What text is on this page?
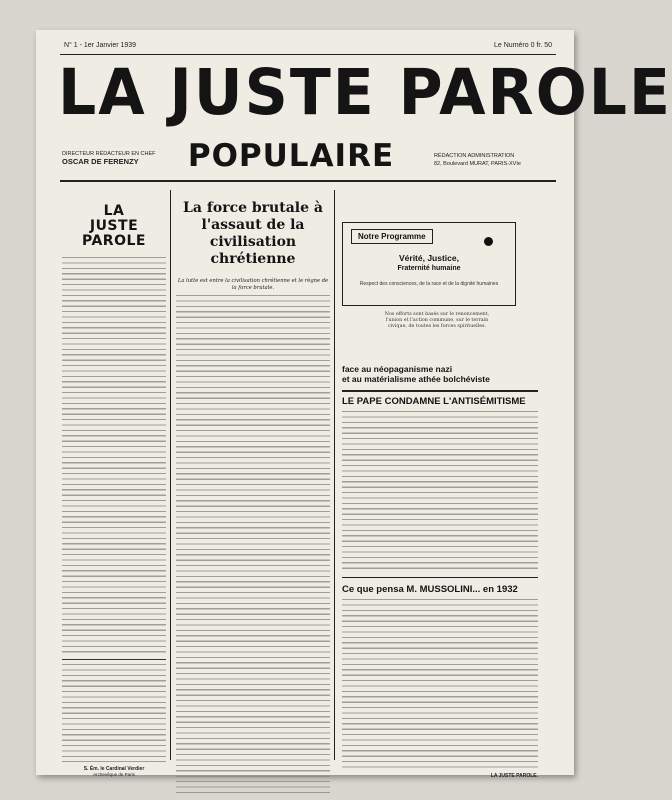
N° 1 - 1er Janvier 1939	Le Numéro 0 fr. 50
LA JUSTE PAROLE
DIRECTEUR RÉDACTEUR EN CHEF
OSCAR DE FERENZY	POPULAIRE	RÉDACTION ADMINISTRATION
82, Boulevard MURAT, PARIS-XVIe
LA
JUSTE
PAROLE
S. Ém. le Cardinal Verdier
Archevêque de Paris
La force brutale à l'assaut de la civilisation chrétienne
La lutte est entre la civilisation chrétienne et le règne de la force brutale.
Notre Programme
Vérité, Justice,
Fraternité humaine
Respect des consciences, de la race et de la dignité humaines

Nos efforts sont basés sur le renoncement, l'union et l'action commune, sur le terrain civique, de toutes les forces spirituelles.

face au néopaganisme nazi
et au matérialisme athée bolchéviste
LE PAPE CONDAMNE L'ANTISÉMITISME
Ce que pensa M. MUSSOLINI... en 1932
LA JUSTE PAROLE.
